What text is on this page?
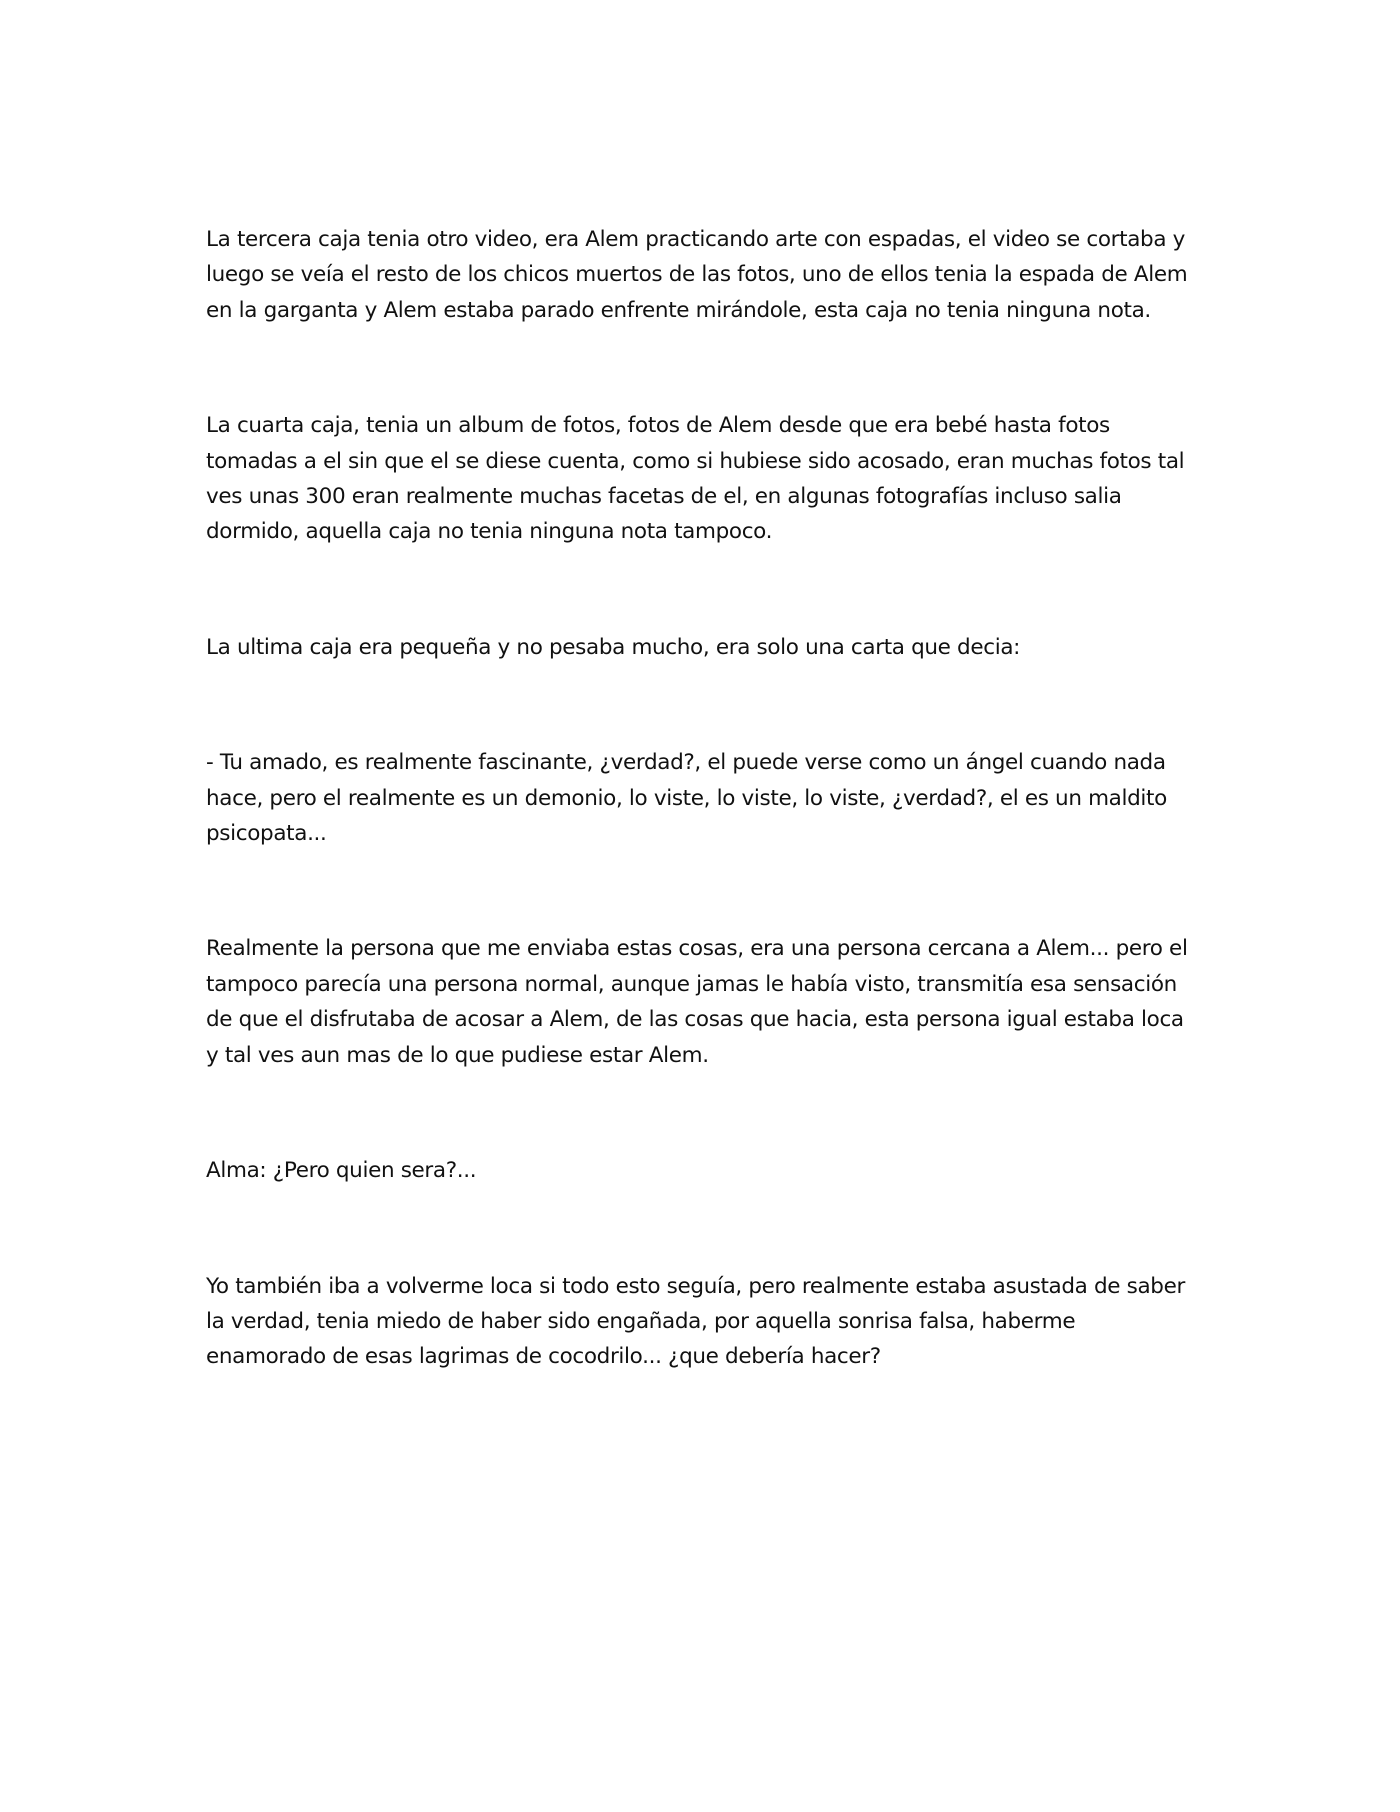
La tercera caja tenia otro video, era Alem practicando arte con espadas, el video se cortaba y luego se veía el resto de los chicos muertos de las fotos, uno de ellos tenia la espada de Alem en la garganta y Alem estaba parado enfrente mirándole, esta caja no tenia ninguna nota.

La cuarta caja, tenia un album de fotos, fotos de Alem desde que era bebé hasta fotos tomadas a el sin que el se diese cuenta, como si hubiese sido acosado, eran muchas fotos tal ves unas 300 eran realmente muchas facetas de el, en algunas fotografías incluso salia dormido, aquella caja no tenia ninguna nota tampoco.

La ultima caja era pequeña y no pesaba mucho, era solo una carta que decia:

- Tu amado, es realmente fascinante, ¿verdad?, el puede verse como un ángel cuando nada hace, pero el realmente es un demonio, lo viste, lo viste, lo viste, ¿verdad?, el es un maldito psicopata...

Realmente la persona que me enviaba estas cosas, era una persona cercana a Alem... pero el tampoco parecía una persona normal, aunque jamas le había visto, transmitía esa sensación de que el disfrutaba de acosar a Alem, de las cosas que hacia, esta persona igual estaba loca y tal ves aun mas de lo que pudiese estar Alem.

Alma: ¿Pero quien sera?...

Yo también iba a volverme loca si todo esto seguía, pero realmente estaba asustada de saber la verdad, tenia miedo de haber sido engañada, por aquella sonrisa falsa, haberme enamorado de esas lagrimas de cocodrilo... ¿que debería hacer?
